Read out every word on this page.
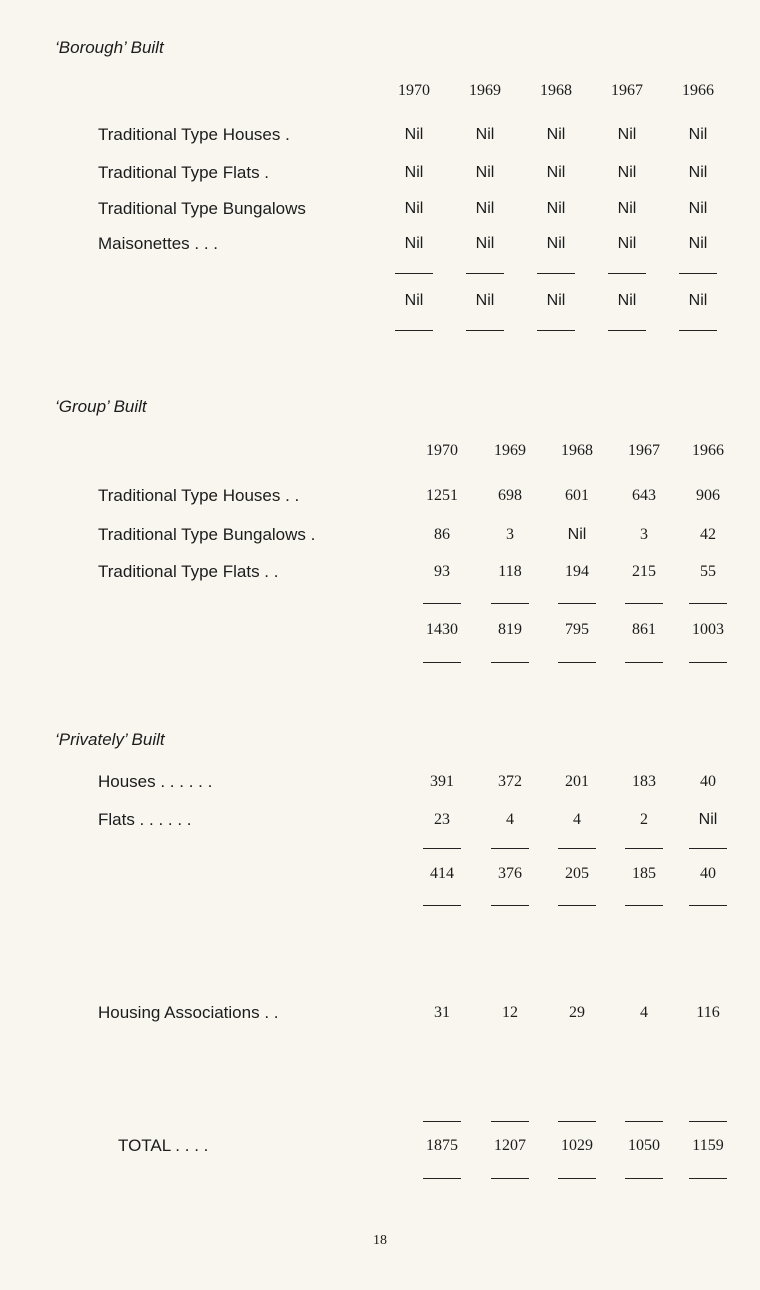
‘Borough’ Built
1970	1969	1968	1967	1966
Traditional Type Houses .	Nil	Nil	Nil	Nil	Nil
Traditional Type Flats .	Nil	Nil	Nil	Nil	Nil
Traditional Type Bungalows	Nil	Nil	Nil	Nil	Nil
Maisonettes . . .	Nil	Nil	Nil	Nil	Nil
Nil	Nil	Nil	Nil	Nil
‘Group’ Built
1970	1969	1968	1967	1966
Traditional Type Houses . .	1251	698	601	643	906
Traditional Type Bungalows .	86	3	Nil	3	42
Traditional Type Flats . .	93	118	194	215	55
1430	819	795	861	1003
‘Privately’ Built
Houses . . . . . .	391	372	201	183	40
Flats . . . . . .	23	4	4	2	Nil
414	376	205	185	40
Housing Associations . .	31	12	29	4	116
TOTAL . . . .	1875	1207	1029	1050	1159
18
